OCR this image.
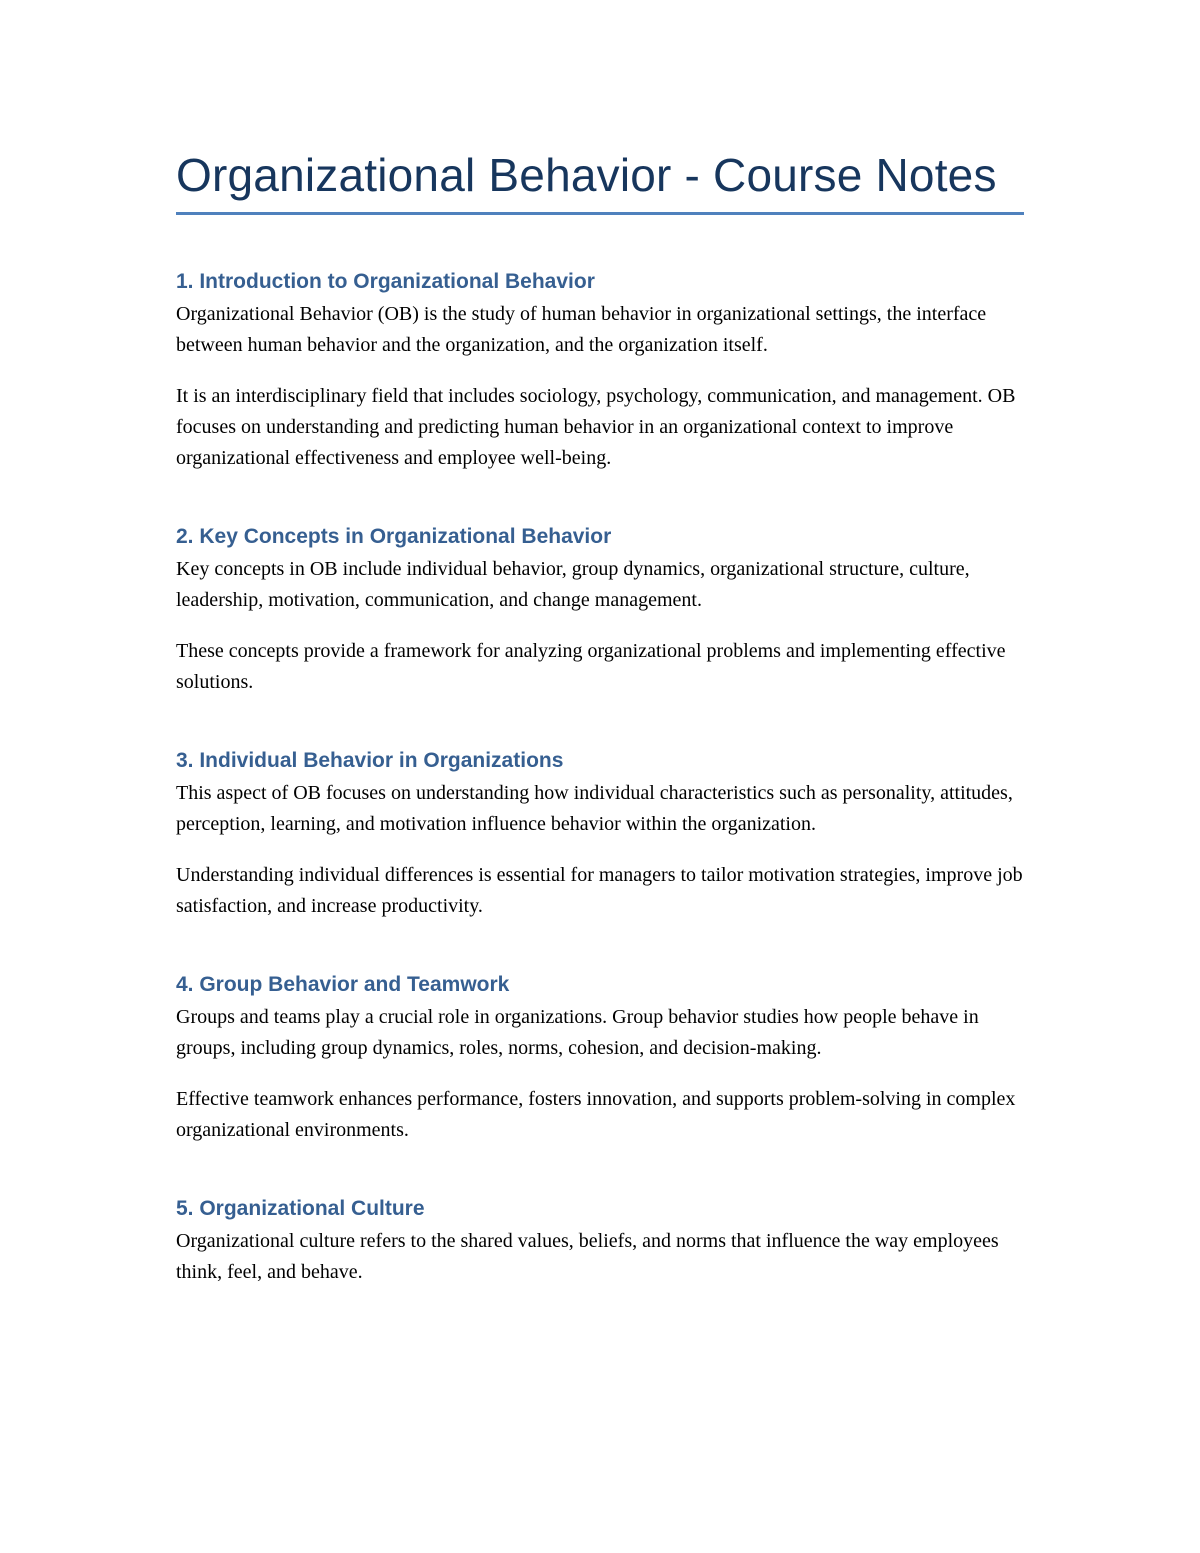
Organizational Behavior - Course Notes
1. Introduction to Organizational Behavior

Organizational Behavior (OB) is the study of human behavior in organizational settings, the interface between human behavior and the organization, and the organization itself.

It is an interdisciplinary field that includes sociology, psychology, communication, and management. OB focuses on understanding and predicting human behavior in an organizational context to improve organizational effectiveness and employee well-being.

2. Key Concepts in Organizational Behavior

Key concepts in OB include individual behavior, group dynamics, organizational structure, culture, leadership, motivation, communication, and change management.

These concepts provide a framework for analyzing organizational problems and implementing effective solutions.

3. Individual Behavior in Organizations

This aspect of OB focuses on understanding how individual characteristics such as personality, attitudes, perception, learning, and motivation influence behavior within the organization.

Understanding individual differences is essential for managers to tailor motivation strategies, improve job satisfaction, and increase productivity.

4. Group Behavior and Teamwork

Groups and teams play a crucial role in organizations. Group behavior studies how people behave in groups, including group dynamics, roles, norms, cohesion, and decision-making.

Effective teamwork enhances performance, fosters innovation, and supports problem-solving in complex organizational environments.

5. Organizational Culture

Organizational culture refers to the shared values, beliefs, and norms that influence the way employees think, feel, and behave.
